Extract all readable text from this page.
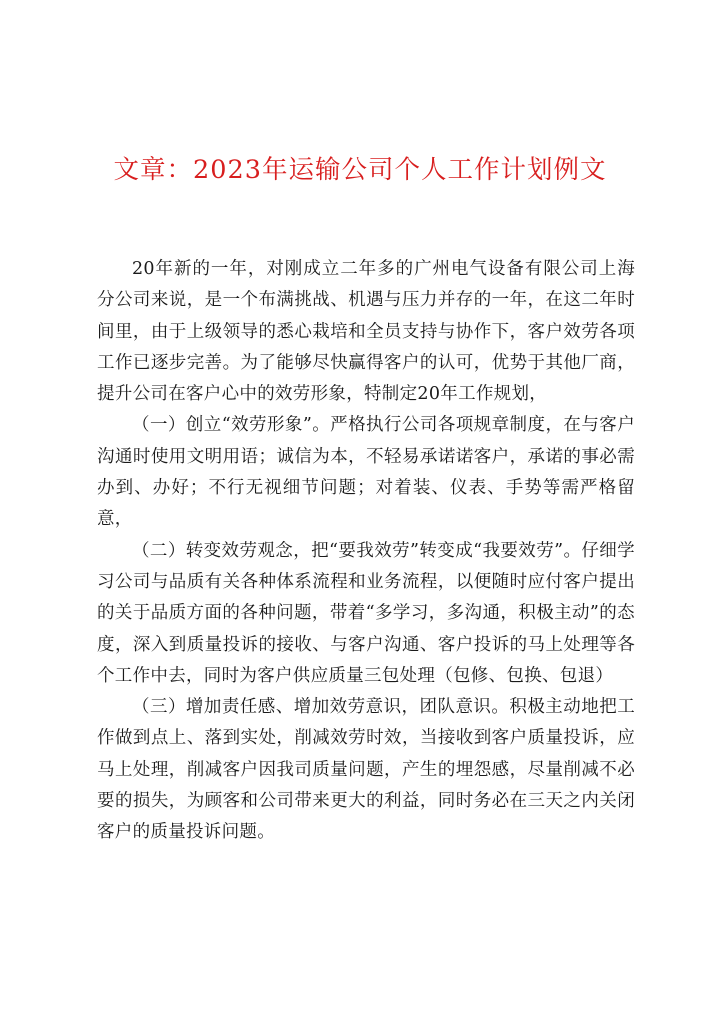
文章：2023年运输公司个人工作计划例文

20年新的一年，对刚成立二年多的广州电气设备有限公司上海分公司来说，是一个布满挑战、机遇与压力并存的一年，在这二年时间里，由于上级领导的悉心栽培和全员支持与协作下，客户效劳各项工作已逐步完善。为了能够尽快赢得客户的认可，优势于其他厂商，提升公司在客户心中的效劳形象，特制定20年工作规划，

（一）创立“效劳形象”。严格执行公司各项规章制度，在与客户沟通时使用文明用语；诚信为本，不轻易承诺诺客户，承诺的事必需办到、办好；不行无视细节问题；对着装、仪表、手势等需严格留意，

（二）转变效劳观念，把“要我效劳”转变成“我要效劳”。仔细学习公司与品质有关各种体系流程和业务流程，以便随时应付客户提出的关于品质方面的各种问题，带着“多学习，多沟通，积极主动”的态度，深入到质量投诉的接收、与客户沟通、客户投诉的马上处理等各个工作中去，同时为客户供应质量三包处理（包修、包换、包退）

（三）增加责任感、增加效劳意识，团队意识。积极主动地把工作做到点上、落到实处，削减效劳时效，当接收到客户质量投诉，应马上处理，削减客户因我司质量问题，产生的埋怨感，尽量削减不必要的损失，为顾客和公司带来更大的利益，同时务必在三天之内关闭客户的质量投诉问题。
